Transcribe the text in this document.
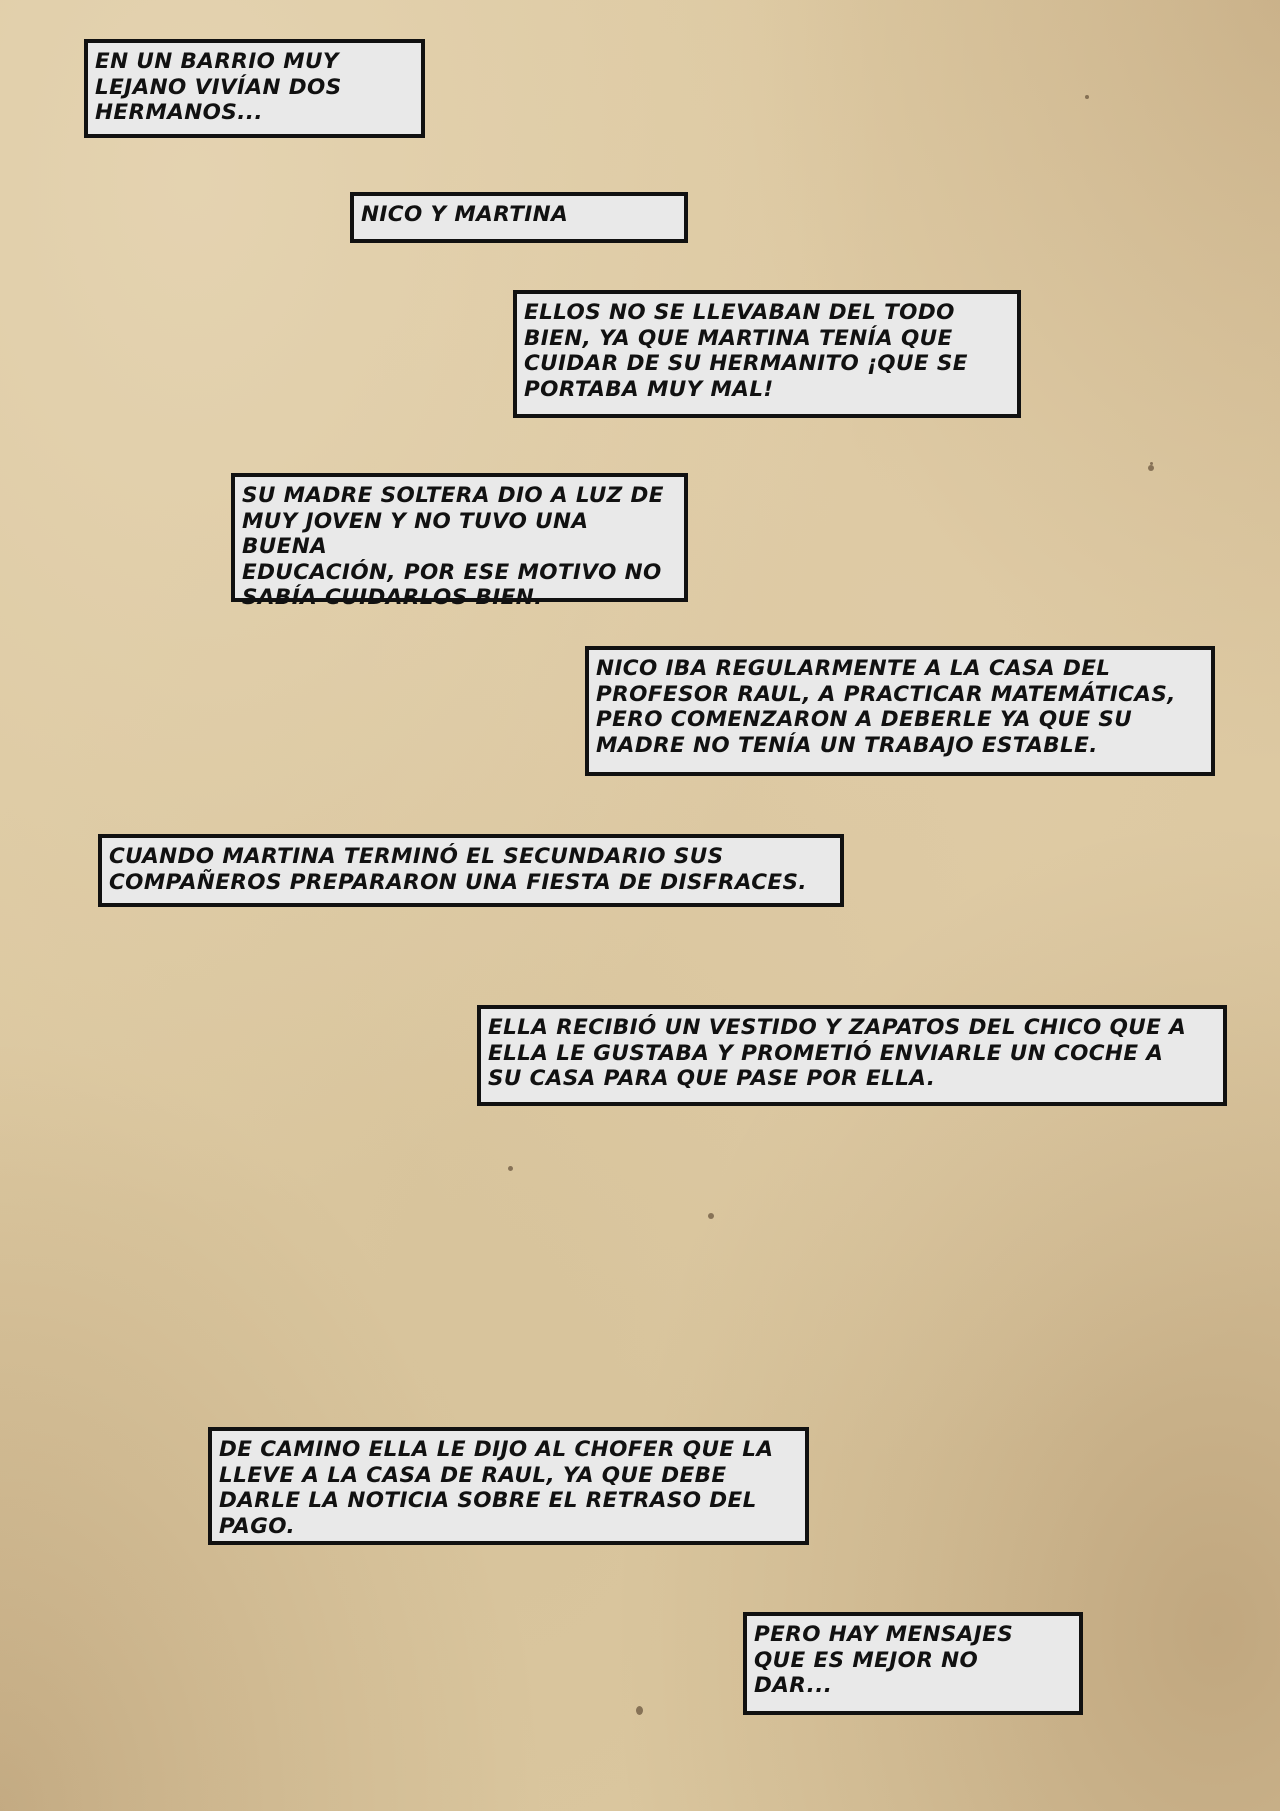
EN UN BARRIO MUY
LEJANO VIVÍAN DOS
HERMANOS...
NICO Y MARTINA
ELLOS NO SE LLEVABAN DEL TODO
BIEN, YA QUE MARTINA TENÍA QUE
CUIDAR DE SU HERMANITO ¡QUE SE
PORTABA MUY MAL!
SU MADRE SOLTERA DIO A LUZ DE
MUY JOVEN Y NO TUVO UNA BUENA
EDUCACIÓN, POR ESE MOTIVO NO
SABÍA CUIDARLOS BIEN.
NICO IBA REGULARMENTE A LA CASA DEL
PROFESOR RAUL, A PRACTICAR MATEMÁTICAS,
PERO COMENZARON A DEBERLE YA QUE SU
MADRE NO TENÍA UN TRABAJO ESTABLE.
CUANDO MARTINA TERMINÓ EL SECUNDARIO SUS
COMPAÑEROS PREPARARON UNA FIESTA DE DISFRACES.
ELLA RECIBIÓ UN VESTIDO Y ZAPATOS DEL CHICO QUE A
ELLA LE GUSTABA Y PROMETIÓ ENVIARLE UN COCHE A
SU CASA PARA QUE PASE POR ELLA.
DE CAMINO ELLA LE DIJO AL CHOFER QUE LA
LLEVE A LA CASA DE RAUL, YA QUE DEBE
DARLE LA NOTICIA SOBRE EL RETRASO DEL
PAGO.
PERO HAY MENSAJES
QUE ES MEJOR NO
DAR...
